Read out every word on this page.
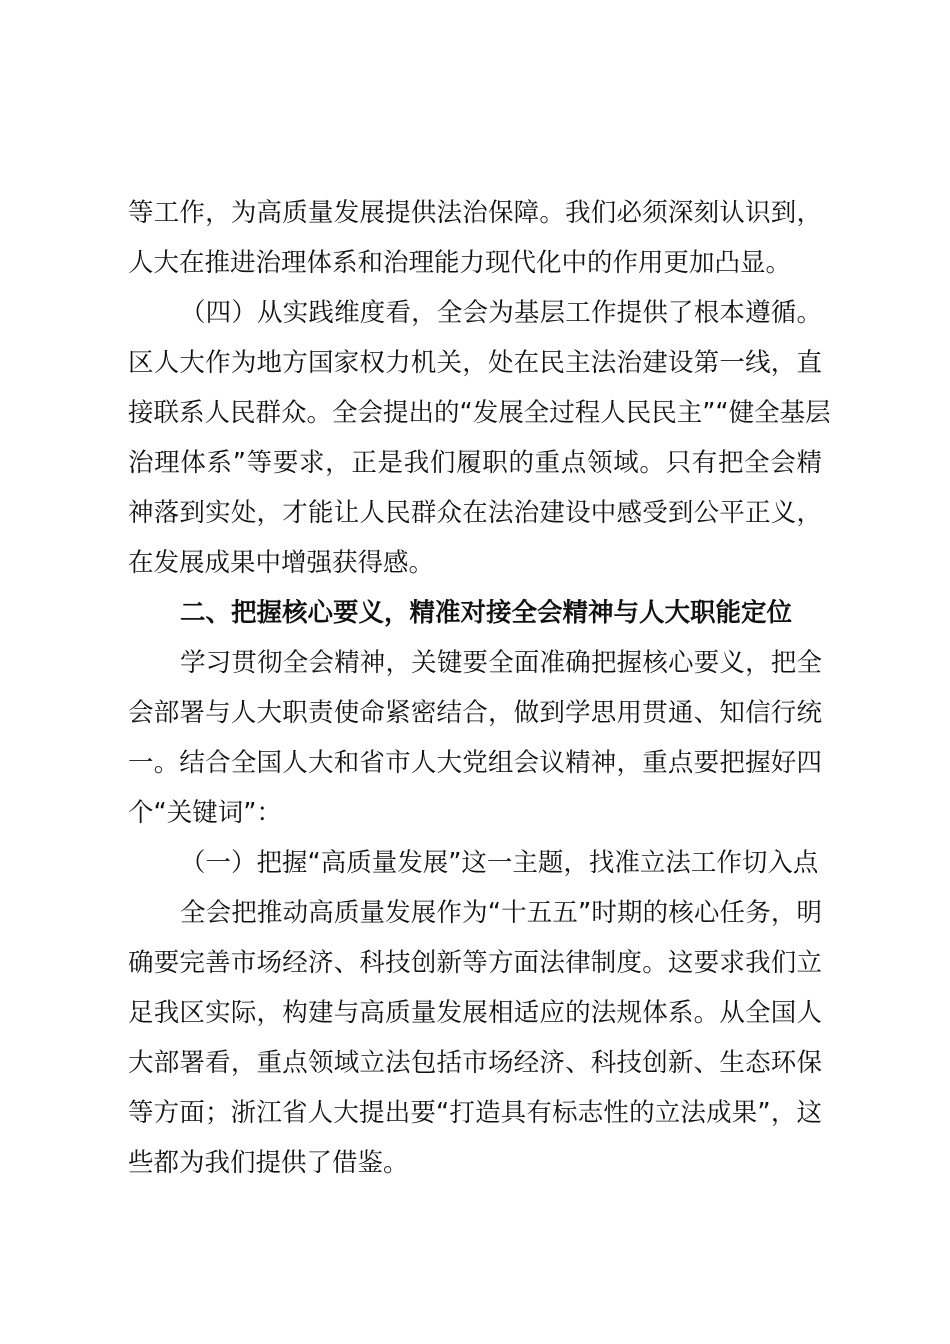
等工作，为高质量发展提供法治保障。我们必须深刻认识到，
人大在推进治理体系和治理能力现代化中的作用更加凸显。
（四）从实践维度看，全会为基层工作提供了根本遵循。
区人大作为地方国家权力机关，处在民主法治建设第一线，直
接联系人民群众。全会提出的“发展全过程人民民主”“健全基层
治理体系”等要求，正是我们履职的重点领域。只有把全会精
神落到实处，才能让人民群众在法治建设中感受到公平正义，
在发展成果中增强获得感。
二、把握核心要义，精准对接全会精神与人大职能定位
学习贯彻全会精神，关键要全面准确把握核心要义，把全
会部署与人大职责使命紧密结合，做到学思用贯通、知信行统
一。结合全国人大和省市人大党组会议精神，重点要把握好四
个“关键词”：
（一）把握“高质量发展”这一主题，找准立法工作切入点
全会把推动高质量发展作为“十五五”时期的核心任务，明
确要完善市场经济、科技创新等方面法律制度。这要求我们立
足我区实际，构建与高质量发展相适应的法规体系。从全国人
大部署看，重点领域立法包括市场经济、科技创新、生态环保
等方面；浙江省人大提出要“打造具有标志性的立法成果”，这
些都为我们提供了借鉴。
